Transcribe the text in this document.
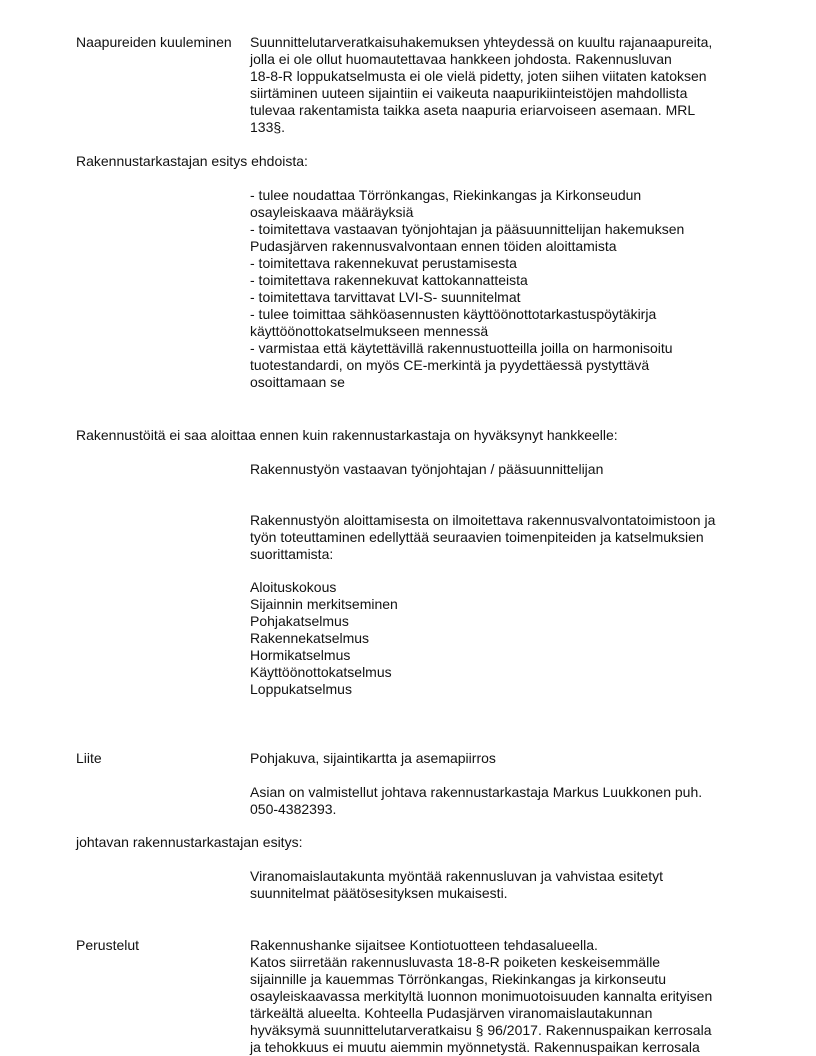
Naapureiden kuuleminen Suunnittelutarveratkaisuhakemuksen yhteydessä on kuultu rajanaapureita,
jolla ei ole ollut huomautettavaa hankkeen johdosta. Rakennusluvan
18-8-R loppukatselmusta ei ole vielä pidetty, joten siihen viitaten katoksen
siirtäminen uuteen sijaintiin ei vaikeuta naapurikiinteistöjen mahdollista
tulevaa rakentamista taikka aseta naapuria eriarvoiseen asemaan. MRL
133§.
Rakennustarkastajan esitys ehdoista:
- tulee noudattaa Törrönkangas, Riekinkangas ja Kirkonseudun
osayleiskaava määräyksiä
- toimitettava vastaavan työnjohtajan ja pääsuunnittelijan hakemuksen
Pudasjärven rakennusvalvontaan ennen töiden aloittamista
- toimitettava rakennekuvat perustamisesta
- toimitettava rakennekuvat kattokannatteista
- toimitettava tarvittavat LVI-S- suunnitelmat
- tulee toimittaa sähköasennusten käyttöönottotarkastuspöytäkirja
käyttöönottokatselmukseen mennessä
- varmistaa että käytettävillä rakennustuotteilla joilla on harmonisoitu
tuotestandardi, on myös CE-merkintä ja pyydettäessä pystyttävä
osoittamaan se
Rakennustöitä ei saa aloittaa ennen kuin rakennustarkastaja on hyväksynyt hankkeelle:
Rakennustyön vastaavan työnjohtajan / pääsuunnittelijan
Rakennustyön aloittamisesta on ilmoitettava rakennusvalvontatoimistoon ja
työn toteuttaminen edellyttää seuraavien toimenpiteiden ja katselmuksien
suorittamista:
Aloituskokous
Sijainnin merkitseminen
Pohjakatselmus
Rakennekatselmus
Hormikatselmus
Käyttöönottokatselmus
Loppukatselmus
Liite	Pohjakuva, sijaintikartta ja asemapiirros
Asian on valmistellut johtava rakennustarkastaja Markus Luukkonen puh.
050-4382393.
johtavan rakennustarkastajan esitys:
Viranomaislautakunta myöntää rakennusluvan ja vahvistaa esitetyt
suunnitelmat päätösesityksen mukaisesti.
Perustelut	Rakennushanke sijaitsee Kontiotuotteen tehdasalueella.
Katos siirretään rakennusluvasta 18-8-R poiketen keskeisemmälle
sijainnille ja kauemmas Törrönkangas, Riekinkangas ja kirkonseutu
osayleiskaavassa merkityltä luonnon monimuotoisuuden kannalta erityisen
tärkeältä alueelta. Kohteella Pudasjärven viranomaislautakunnan
hyväksymä suunnittelutarveratkaisu § 96/2017. Rakennuspaikan kerrosala
ja tehokkuus ei muutu aiemmin myönnetystä. Rakennuspaikan kerrosala
